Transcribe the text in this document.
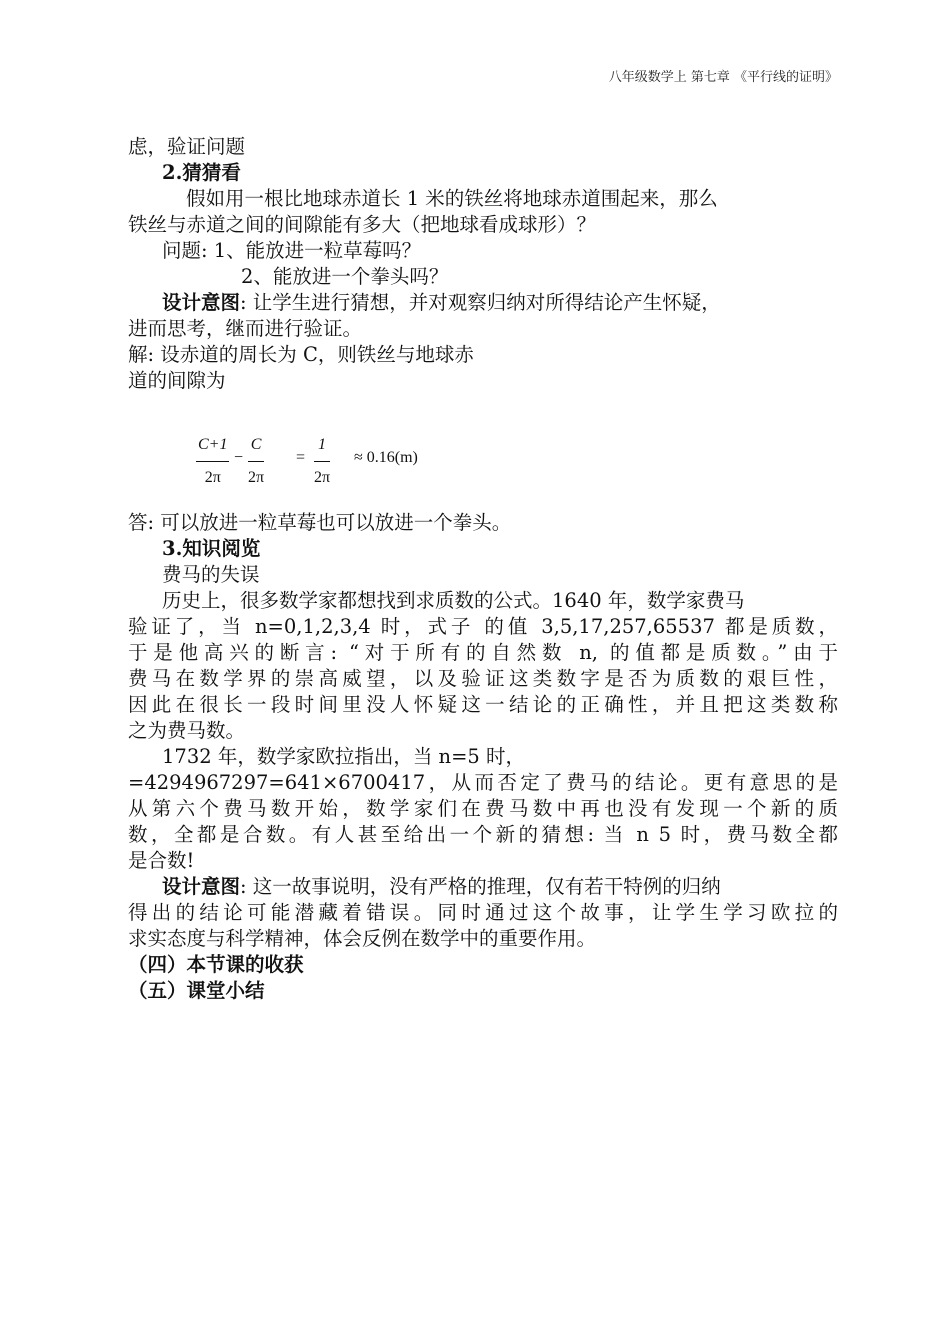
八年级数学上 第七章 《平行线的证明》
虑，验证问题
2.猜猜看
假如用一根比地球赤道长 1 米的铁丝将地球赤道围起来，那么
铁丝与赤道之间的间隙能有多大（把地球看成球形）？
问题: 1、能放进一粒草莓吗？
2、能放进一个拳头吗？
设计意图: 让学生进行猜想，并对观察归纳对所得结论产生怀疑，
进而思考，继而进行验证。
解: 设赤道的周长为 C，则铁丝与地球赤
道的间隙为
$\frac{C+1}{2\pi} - \frac{C}{2\pi} = \frac{1}{2\pi} \approx 0.16(m)$
答: 可以放进一粒草莓也可以放进一个拳头。
3.知识阅览
费马的失误
历史上，很多数学家都想找到求质数的公式。1640 年，数学家费马
验证了，当 n=0,1,2,3,4 时，式子 的值 3,5,17,257,65537 都是质数，
于是他高兴的断言: “对于所有的自然数 n, 的值都是质数。”由于
费马在数学界的崇高威望，以及验证这类数字是否为质数的艰巨性，
因此在很长一段时间里没人怀疑这一结论的正确性，并且把这类数称
之为费马数。
1732 年，数学家欧拉指出，当 n=5 时，
=4294967297=641×6700417，从而否定了费马的结论。更有意思的是
从第六个费马数开始，数学家们在费马数中再也没有发现一个新的质
数，全都是合数。有人甚至给出一个新的猜想: 当 n 5 时，费马数全都
是合数!
设计意图: 这一故事说明，没有严格的推理，仅有若干特例的归纳
得出的结论可能潜藏着错误。同时通过这个故事，让学生学习欧拉的
求实态度与科学精神，体会反例在数学中的重要作用。
（四）本节课的收获
（五）课堂小结
